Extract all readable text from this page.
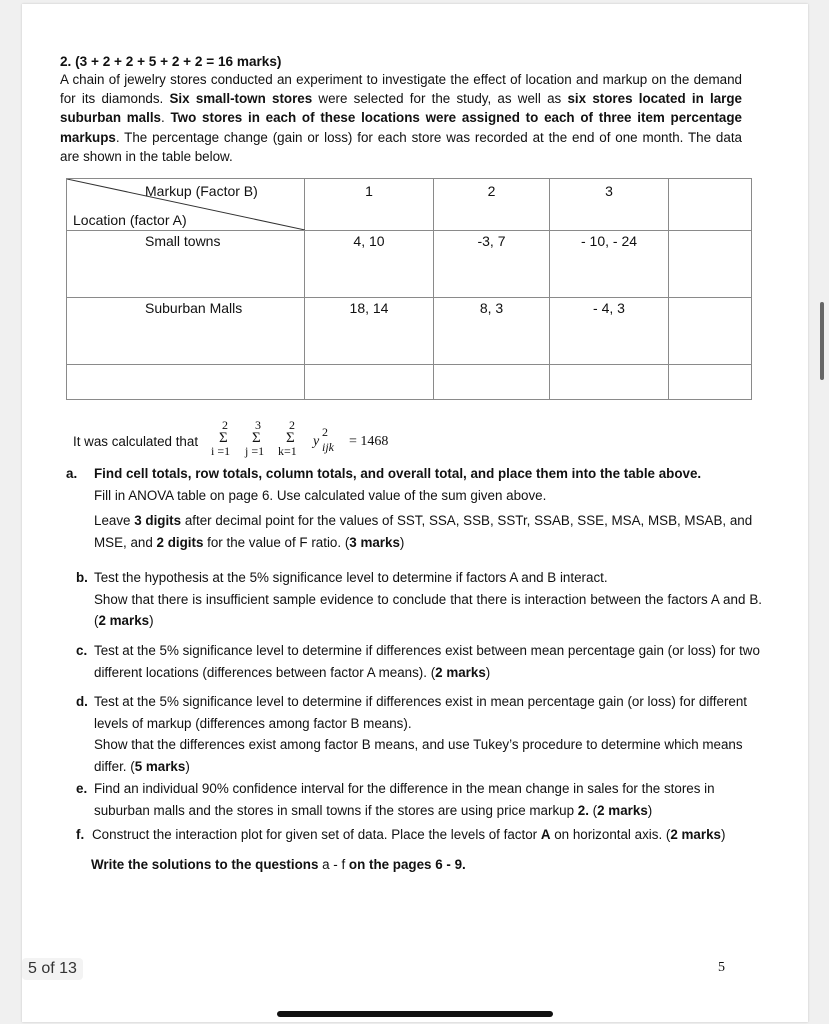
2. (3 + 2 + 2 + 5 + 2 + 2 = 16 marks)
A chain of jewelry stores conducted an experiment to investigate the effect of location and markup on the demand for its diamonds. Six small-town stores were selected for the study, as well as six stores located in large suburban malls. Two stores in each of these locations were assigned to each of three item percentage markups. The percentage change (gain or loss) for each store was recorded at the end of one month. The data are shown in the table below.
Markup (Factor B)
Location (factor A)	1	2	3	
Small towns	4, 10	-3, 7	- 10, - 24	
Suburban Malls	18, 14	8, 3	- 4, 3	

It was calculated that
2 3 2
Σ Σ Σ
i =1 j =1 k=1
y
2
ijk = 1468
a. Find cell totals, row totals, column totals, and overall total, and place them into the table above.
Fill in ANOVA table on page 6. Use calculated value of the sum given above.

Leave 3 digits after decimal point for the values of SST, SSA, SSB, SSTr, SSAB, SSE, MSA, MSB, MSAB, and MSE, and 2 digits for the value of F ratio. (3 marks)
b. Test the hypothesis at the 5% significance level to determine if factors A and B interact.
Show that there is insufficient sample evidence to conclude that there is interaction between the factors A and B. (2 marks)
c. Test at the 5% significance level to determine if differences exist between mean percentage gain (or loss) for two different locations (differences between factor A means). (2 marks)
d. Test at the 5% significance level to determine if differences exist in mean percentage gain (or loss) for different levels of markup (differences among factor B means).
Show that the differences exist among factor B means, and use Tukey’s procedure to determine which means differ. (5 marks)
e. Find an individual 90% confidence interval for the difference in the mean change in sales for the stores in suburban malls and the stores in small towns if the stores are using price markup 2. (2 marks)
f. Construct the interaction plot for given set of data. Place the levels of factor A on horizontal axis. (2 marks)
Write the solutions to the questions a - f on the pages 6 - 9.
5
5 of 13
